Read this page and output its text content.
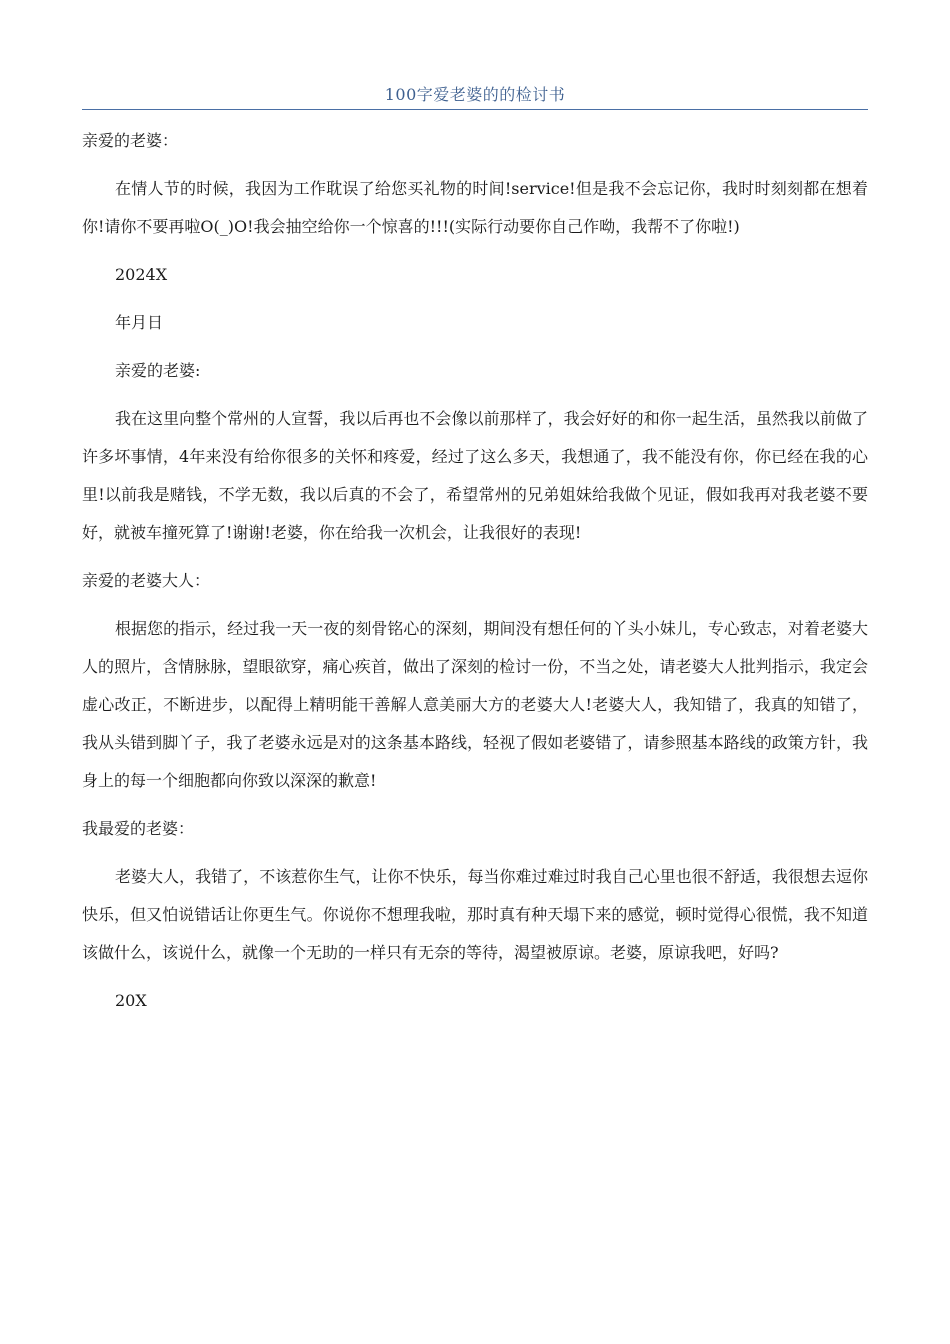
100字爱老婆的的检讨书

亲爱的老婆：

在情人节的时候，我因为工作耽误了给您买礼物的时间!service!但是我不会忘记你，我时时刻刻都在想着你!请你不要再啦O(_)O!我会抽空给你一个惊喜的!!!(实际行动要你自己作呦，我帮不了你啦!)

2024X

年月日

亲爱的老婆:

我在这里向整个常州的人宣誓，我以后再也不会像以前那样了，我会好好的和你一起生活，虽然我以前做了许多坏事情，4年来没有给你很多的关怀和疼爱，经过了这么多天，我想通了，我不能没有你，你已经在我的心里!以前我是赌钱，不学无数，我以后真的不会了，希望常州的兄弟姐妹给我做个见证，假如我再对我老婆不要好，就被车撞死算了!谢谢!老婆，你在给我一次机会，让我很好的表现!

亲爱的老婆大人：

根据您的指示，经过我一天一夜的刻骨铭心的深刻，期间没有想任何的丫头小妹儿，专心致志，对着老婆大人的照片，含情脉脉，望眼欲穿，痛心疾首，做出了深刻的检讨一份，不当之处，请老婆大人批判指示，我定会虚心改正，不断进步，以配得上精明能干善解人意美丽大方的老婆大人!老婆大人，我知错了，我真的知错了，我从头错到脚丫子，我了老婆永远是对的这条基本路线，轻视了假如老婆错了，请参照基本路线的政策方针，我身上的每一个细胞都向你致以深深的歉意!

我最爱的老婆：

老婆大人，我错了，不该惹你生气，让你不快乐，每当你难过难过时我自己心里也很不舒适，我很想去逗你快乐，但又怕说错话让你更生气。你说你不想理我啦，那时真有种天塌下来的感觉，顿时觉得心很慌，我不知道该做什么，该说什么，就像一个无助的一样只有无奈的等待，渴望被原谅。老婆，原谅我吧，好吗?

20X
